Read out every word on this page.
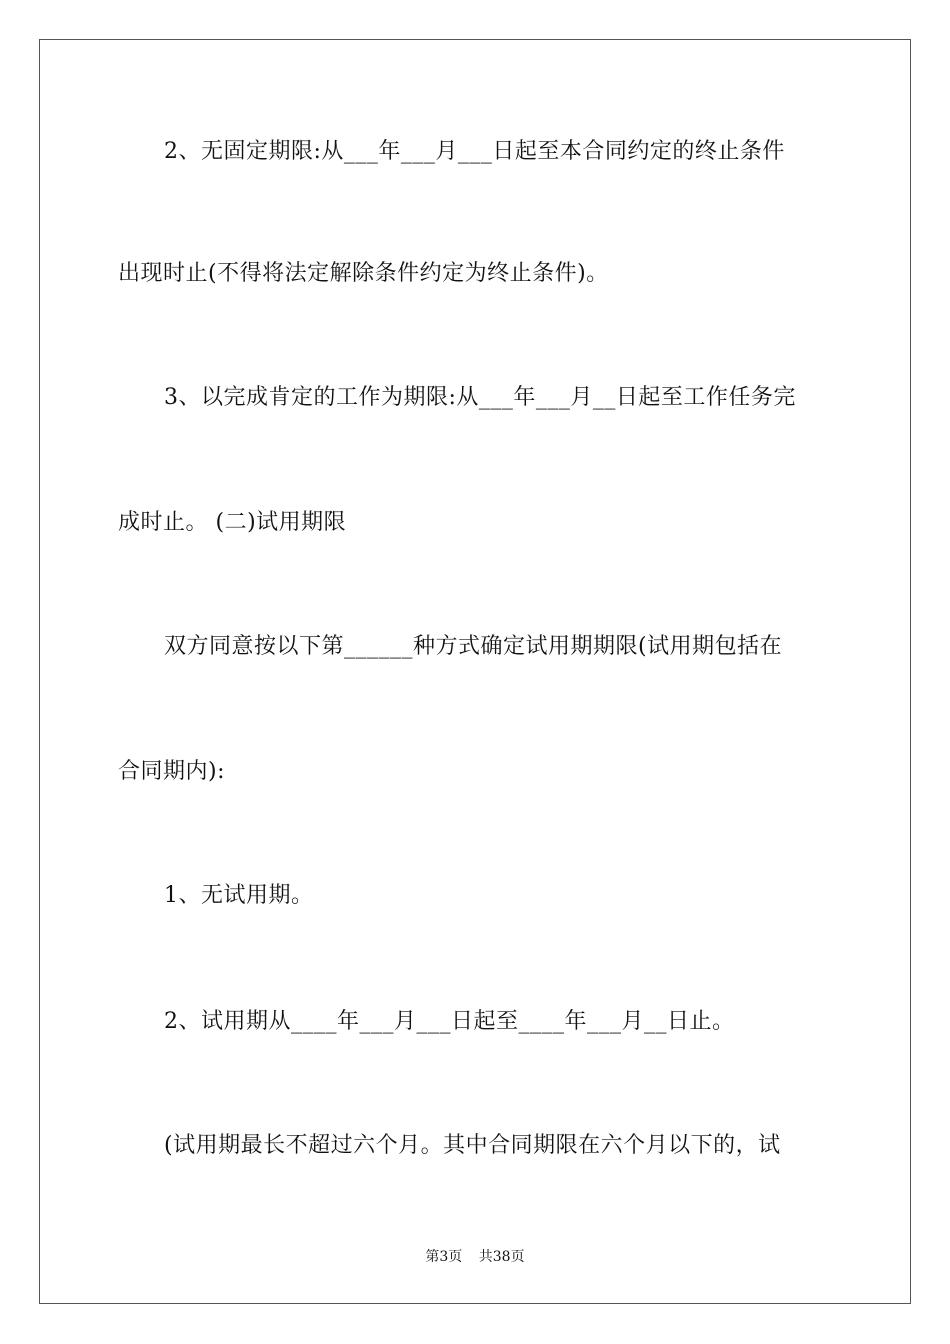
2、无固定期限:从___年___月___日起至本合同约定的终止条件
出现时止(不得将法定解除条件约定为终止条件)。
3、以完成肯定的工作为期限:从___年___月__日起至工作任务完
成时止。 (二)试用期限
双方同意按以下第______种方式确定试用期期限(试用期包括在
合同期内):
1、无试用期。
2、试用期从____年___月___日起至____年___月__日止。
(试用期最长不超过六个月。其中合同期限在六个月以下的，试
第3页 共38页
